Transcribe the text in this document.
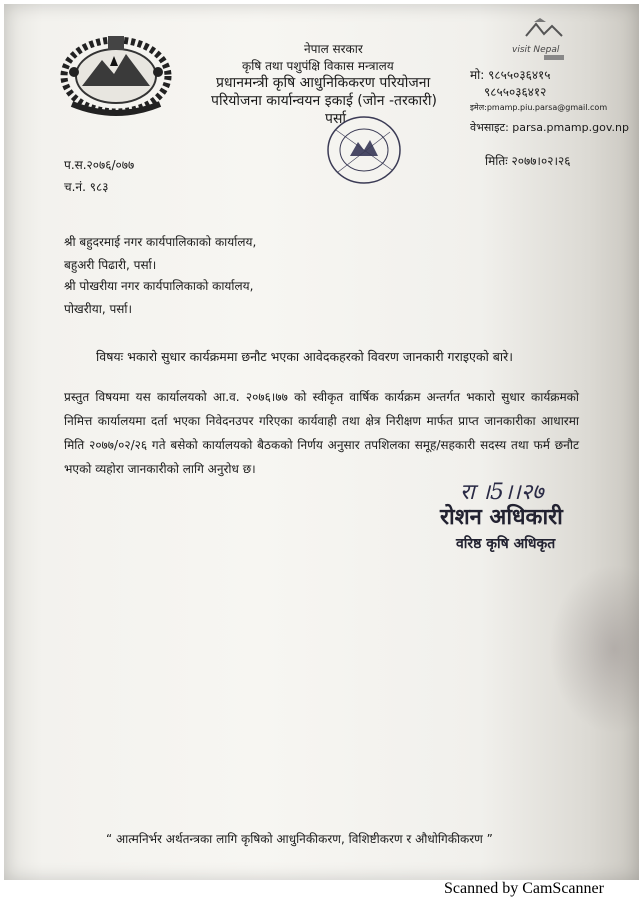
नेपाल सरकार
कृषि तथा पशुपंक्षि विकास मन्त्रालय
प्रधानमन्त्री कृषि आधुनिकिकरण परियोजना
परियोजना कार्यान्वयन इकाई (जोन -तरकारी)
पर्सा
visit Nepal
मो: ९८५५०३६४१५
९८५५०३६४१२
इमेल:pmamp.piu.parsa@gmail.com
वेभसाइट: parsa.pmamp.gov.np
प.स.२०७६/०७७
च.नं. ९८३
मितिः २०७७।०२।२६
श्री बहुदरमाई नगर कार्यपालिकाको कार्यालय,
बहुअरी पिढारी, पर्सा।
श्री पोखरीया नगर कार्यपालिकाको कार्यालय,
पोखरीया, पर्सा।
विषयः भकारो सुधार कार्यक्रममा छनौट भएका आवेदकहरको विवरण जानकारी गराइएको बारे।
प्रस्तुत विषयमा यस कार्यालयको आ.व. २०७६।७७ को स्वीकृत वार्षिक कार्यक्रम अन्तर्गत भकारो सुधार कार्यक्रमको निमित्त कार्यालयमा दर्ता भएका निवेदनउपर गरिएका कार्यवाही तथा क्षेत्र निरीक्षण मार्फत प्राप्त जानकारीका आधारमा मिति २०७७/०२/२६ गते बसेको कार्यालयको बैठकको निर्णय अनुसार तपशिलका समूह/सहकारी सदस्य तथा फर्म छनौट भएको व्यहोरा जानकारीको लागि अनुरोध छ।
रा ।5।।२७
रोशन अधिकारी
वरिष्ठ कृषि अधिकृत
“ आत्मनिर्भर अर्थतन्त्रका लागि कृषिको आधुनिकीकरण, विशिष्टीकरण र औधोगिकीकरण ”
Scanned by CamScanner
